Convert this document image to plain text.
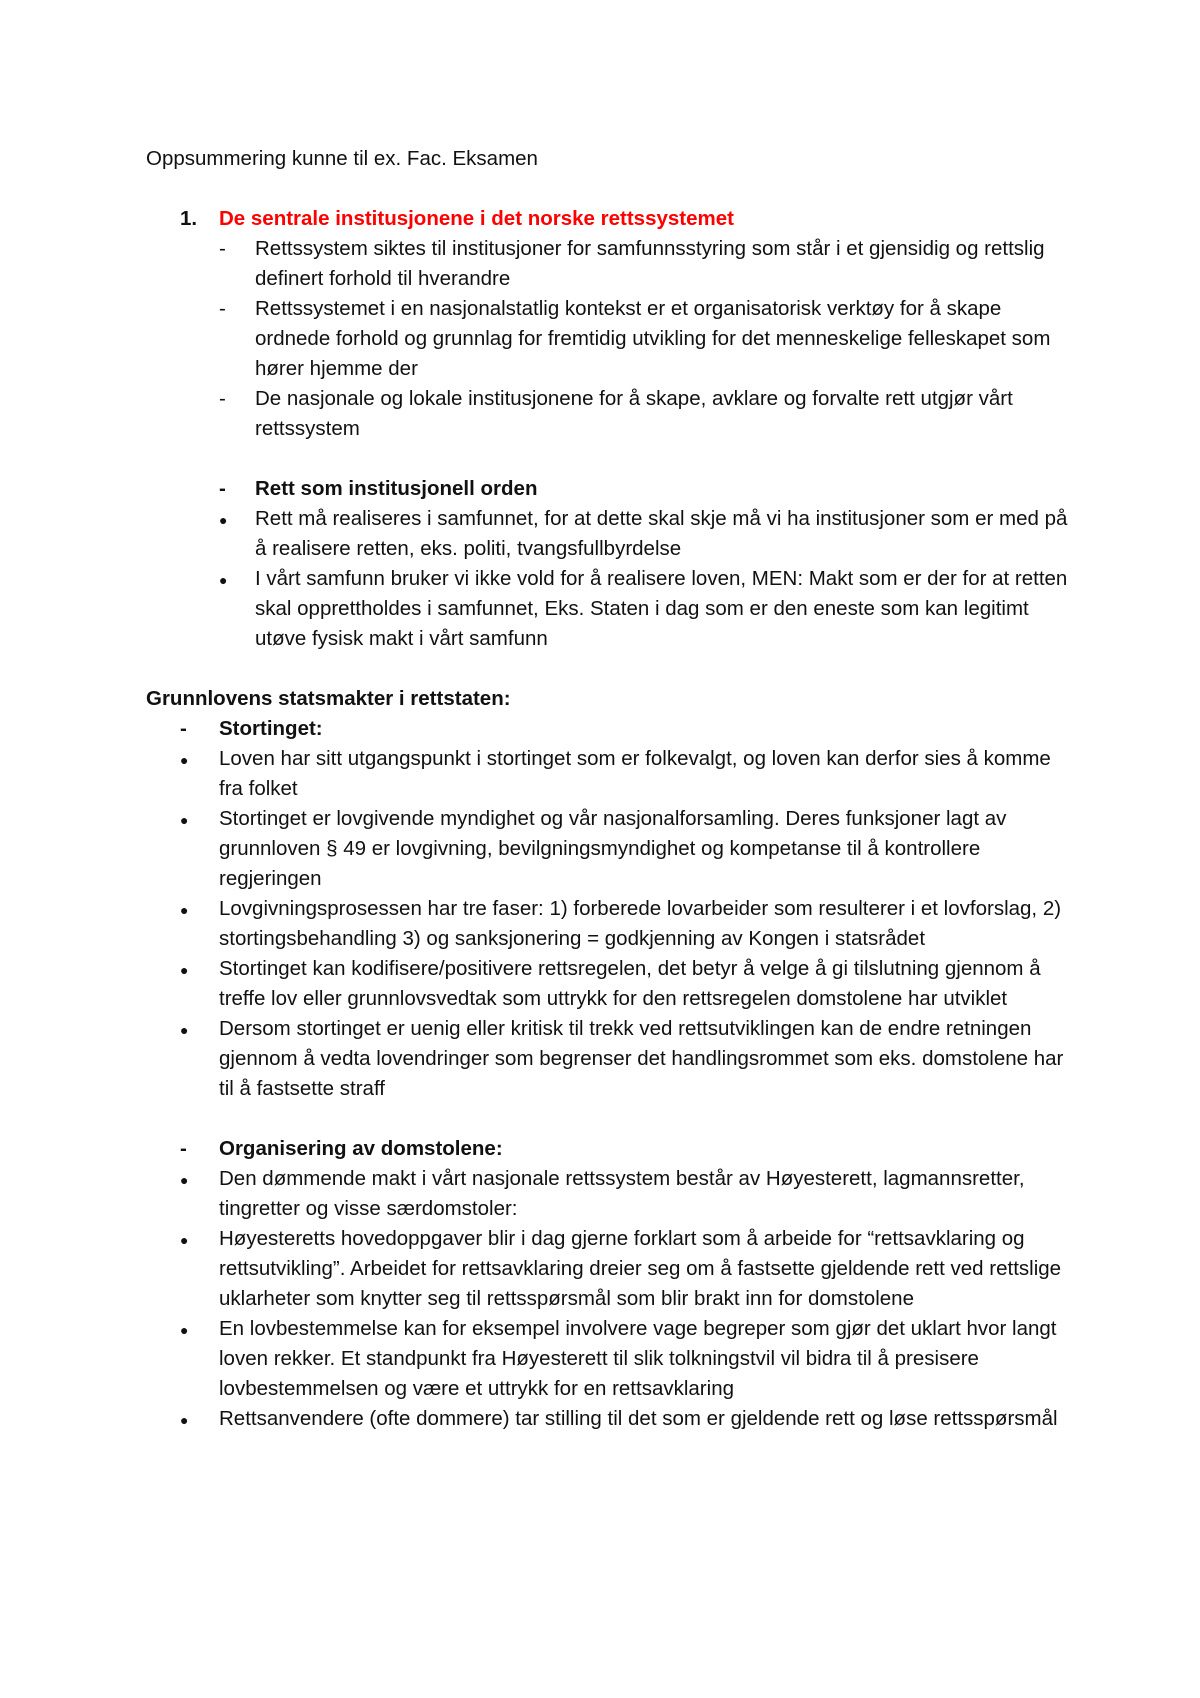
Oppsummering kunne til ex. Fac. Eksamen

1. De sentrale institusjonene i det norske rettssystemet
-
Rettssystem siktes til institusjoner for samfunnsstyring som står i et gjensidig og rettslig definert forhold til hverandre
-
Rettssystemet i en nasjonalstatlig kontekst er et organisatorisk verktøy for å skape ordnede forhold og grunnlag for fremtidig utvikling for det menneskelige felleskapet som hører hjemme der
-
De nasjonale og lokale institusjonene for å skape, avklare og forvalte rett utgjør vårt rettssystem
-
Rett som institusjonell orden
●
Rett må realiseres i samfunnet, for at dette skal skje må vi ha institusjoner som er med på å realisere retten, eks. politi, tvangsfullbyrdelse
●
I vårt samfunn bruker vi ikke vold for å realisere loven, MEN: Makt som er der for at retten skal opprettholdes i samfunnet, Eks. Staten i dag som er den eneste som kan legitimt utøve fysisk makt i vårt samfunn

Grunnlovens statsmakter i rettstaten:

-
Stortinget:
●
Loven har sitt utgangspunkt i stortinget som er folkevalgt, og loven kan derfor sies å komme fra folket
●
Stortinget er lovgivende myndighet og vår nasjonalforsamling. Deres funksjoner lagt av grunnloven § 49 er lovgivning, bevilgningsmyndighet og kompetanse til å kontrollere regjeringen
●
Lovgivningsprosessen har tre faser: 1) forberede lovarbeider som resulterer i et lovforslag, 2) stortingsbehandling 3) og sanksjonering = godkjenning av Kongen i statsrådet
●
Stortinget kan kodifisere/positivere rettsregelen, det betyr å velge å gi tilslutning gjennom å treffe lov eller grunnlovsvedtak som uttrykk for den rettsregelen domstolene har utviklet
●
Dersom stortinget er uenig eller kritisk til trekk ved rettsutviklingen kan de endre retningen gjennom å vedta lovendringer som begrenser det handlingsrommet som eks. domstolene har til å fastsette straff
-
Organisering av domstolene:
●
Den dømmende makt i vårt nasjonale rettssystem består av Høyesterett, lagmannsretter, tingretter og visse særdomstoler:
●
Høyesteretts hovedoppgaver blir i dag gjerne forklart som å arbeide for “rettsavklaring og rettsutvikling”. Arbeidet for rettsavklaring dreier seg om å fastsette gjeldende rett ved rettslige uklarheter som knytter seg til rettsspørsmål som blir brakt inn for domstolene
●
En lovbestemmelse kan for eksempel involvere vage begreper som gjør det uklart hvor langt loven rekker. Et standpunkt fra Høyesterett til slik tolkningstvil vil bidra til å presisere lovbestemmelsen og være et uttrykk for en rettsavklaring
●
Rettsanvendere (ofte dommere) tar stilling til det som er gjeldende rett og løse rettsspørsmål
